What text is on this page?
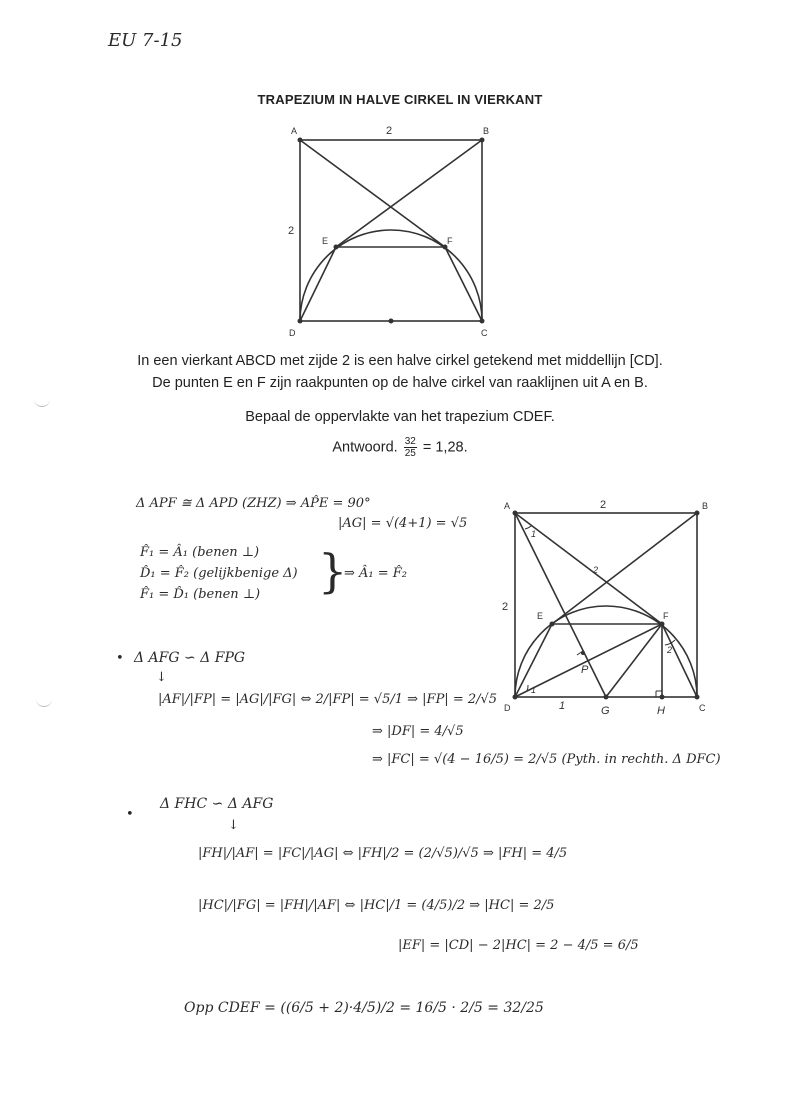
EU 7-15
TRAPEZIUM IN HALVE CIRKEL IN VIERKANT
A	B
C
D
E	F
2
2

In een vierkant ABCD met zijde 2 is een halve cirkel getekend met middellijn [CD].

De punten E en F zijn raakpunten op de halve cirkel van raaklijnen uit A en B.

Bepaal de oppervlakte van het trapezium CDEF.
Antwoord. $\frac{32}{25} = 1,28$.
A	B
C
D
E	F
G	H
P
1
1
1
2
2
2
2
Δ APF ≅ Δ APD (ZHZ) ⇒ AP̂E = 90°
|AG| = √(4+1) = √5
F̂₁ = Â₁ (benen ⊥)
D̂₁ = F̂₂ (gelijkbenige Δ)
F̂₁ = D̂₁ (benen ⊥) }
⇒ Â₁ = F̂₂
• Δ AFG ∽ Δ FPG
↓
|AF|/|FP| = |AG|/|FG| ⇔ 2/|FP| = √5/1 ⇒ |FP| = 2/√5
⇒ |DF| = 4/√5
⇒ |FC| = √(4 − 16/5) = 2/√5 (Pyth. in rechth. Δ DFC)
•
Δ FHC ∽ Δ AFG
↓
|FH|/|AF| = |FC|/|AG| ⇔ |FH|/2 = (2/√5)/√5 ⇒ |FH| = 4/5
|HC|/|FG| = |FH|/|AF| ⇔ |HC|/1 = (4/5)/2 ⇒ |HC| = 2/5
|EF| = |CD| − 2|HC| = 2 − 4/5 = 6/5
Opp CDEF = ((6/5 + 2)·4/5)/2 = 16/5 · 2/5 = 32/25
